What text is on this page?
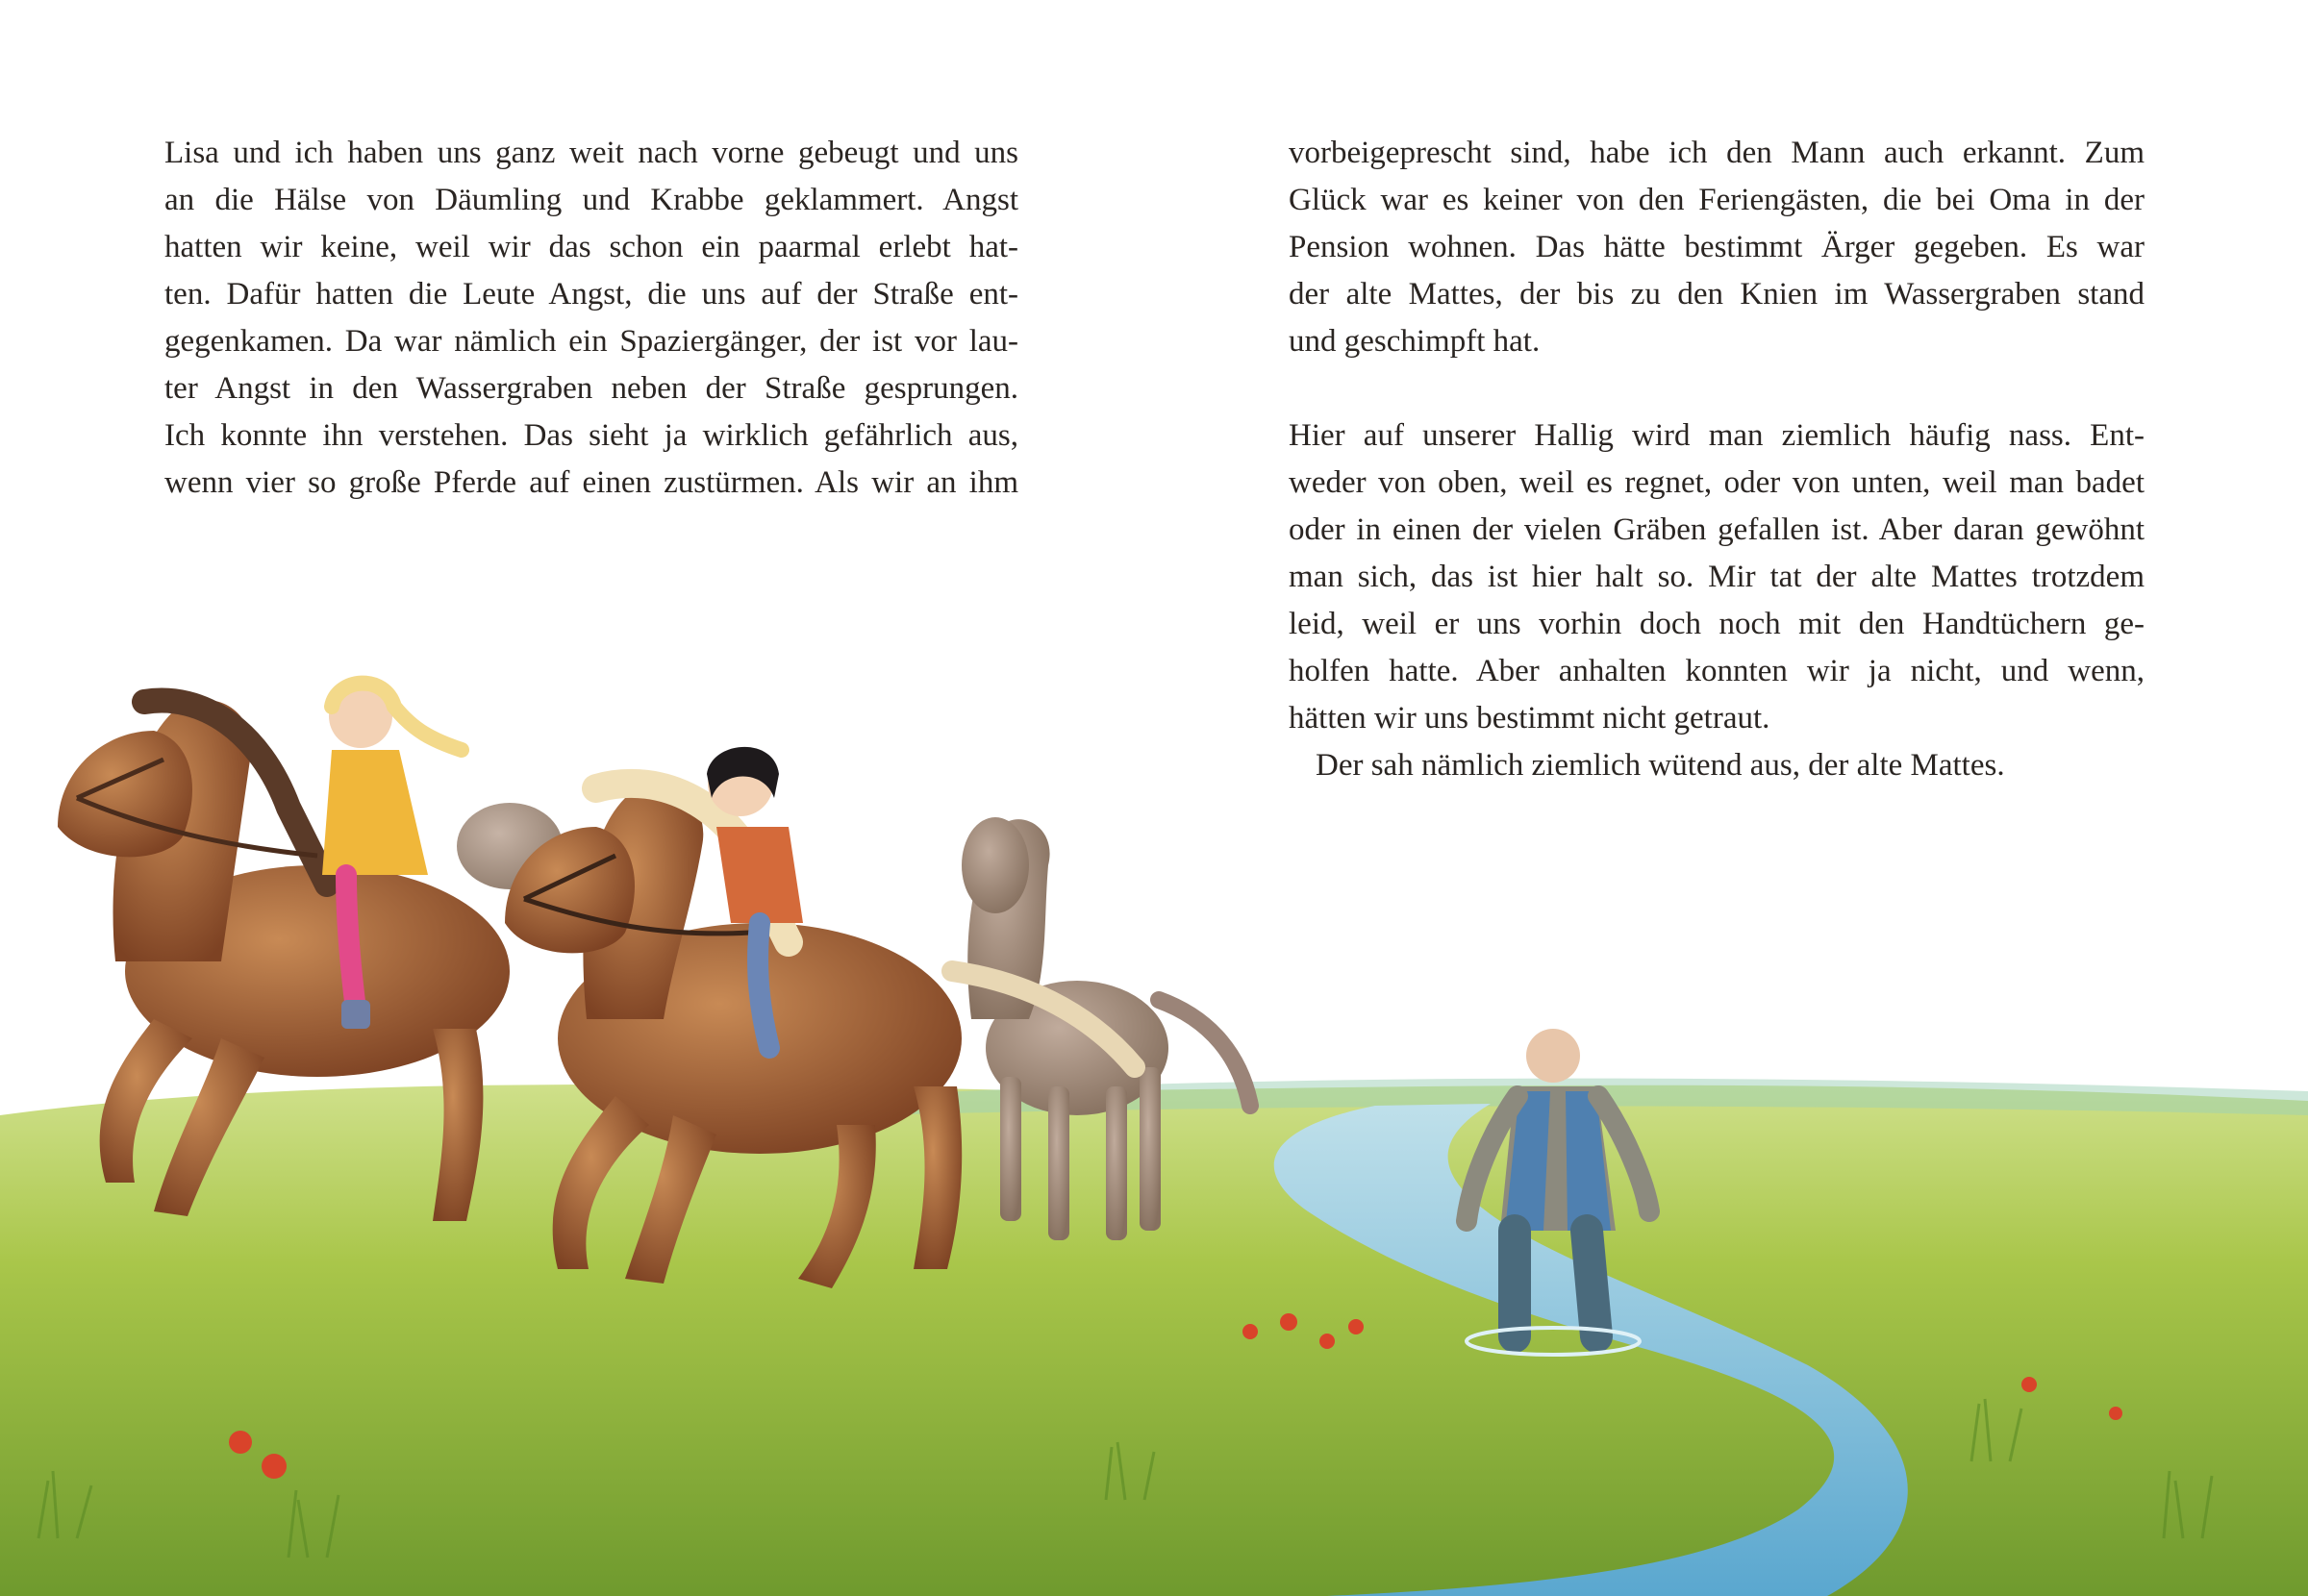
Lisa und ich haben uns ganz weit nach vorne gebeugt und uns

an die Hälse von Däumling und Krabbe geklammert. Angst

hatten wir keine, weil wir das schon ein paarmal erlebt hat-

ten. Dafür hatten die Leute Angst, die uns auf der Straße ent-

gegenkamen. Da war nämlich ein Spaziergänger, der ist vor lau-

ter Angst in den Wassergraben neben der Straße gesprungen.

Ich konnte ihn verstehen. Das sieht ja wirklich gefährlich aus,

wenn vier so große Pferde auf einen zustürmen. Als wir an ihm

vorbeigeprescht sind, habe ich den Mann auch erkannt. Zum

Glück war es keiner von den Feriengästen, die bei Oma in der

Pension wohnen. Das hätte bestimmt Ärger gegeben. Es war

der alte Mattes, der bis zu den Knien im Wassergraben stand

und geschimpft hat.

Hier auf unserer Hallig wird man ziemlich häufig nass. Ent-

weder von oben, weil es regnet, oder von unten, weil man badet

oder in einen der vielen Gräben gefallen ist. Aber daran gewöhnt

man sich, das ist hier halt so. Mir tat der alte Mattes trotzdem

leid, weil er uns vorhin doch noch mit den Handtüchern ge-

holfen hatte. Aber anhalten konnten wir ja nicht, und wenn,

hätten wir uns bestimmt nicht getraut.

Der sah nämlich ziemlich wütend aus, der alte Mattes.
